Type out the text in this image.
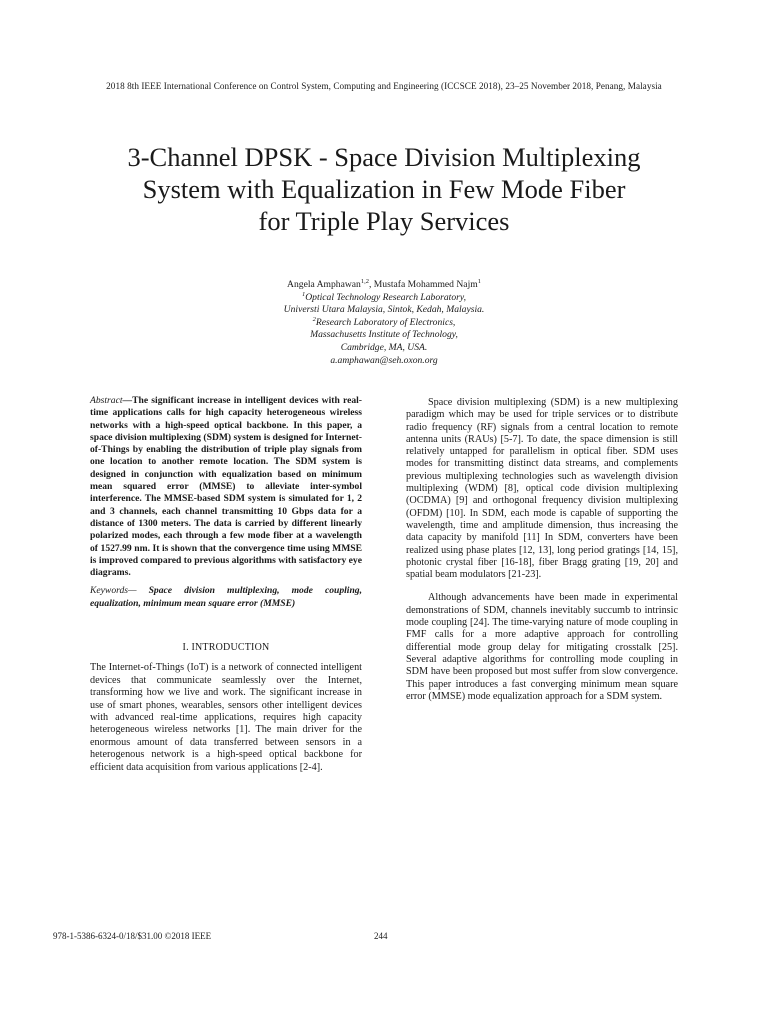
2018 8th IEEE International Conference on Control System, Computing and Engineering (ICCSCE 2018), 23–25 November 2018, Penang, Malaysia
3-Channel DPSK - Space Division Multiplexing
System with Equalization in Few Mode Fiber
for Triple Play Services
Angela Amphawan$^{1,2}$, Mustafa Mohammed Najm$^1$
$^1$Optical Technology Research Laboratory,
Universti Utara Malaysia, Sintok, Kedah, Malaysia.
$^2$Research Laboratory of Electronics,
Massachusetts Institute of Technology,
Cambridge, MA, USA.
a.amphawan@seh.oxon.org
Abstract—The significant increase in intelligent devices with real-time applications calls for high capacity heterogeneous wireless networks with a high-speed optical backbone. In this paper, a space division multiplexing (SDM) system is designed for Internet-of-Things by enabling the distribution of triple play signals from one location to another remote location. The SDM system is designed in conjunction with equalization based on minimum mean squared error (MMSE) to alleviate inter-symbol interference. The MMSE-based SDM system is simulated for 1, 2 and 3 channels, each channel transmitting 10 Gbps data for a distance of 1300 meters. The data is carried by different linearly polarized modes, each through a few mode fiber at a wavelength of 1527.99 nm. It is shown that the convergence time using MMSE is improved compared to previous algorithms with satisfactory eye diagrams.
Keywords— Space division multiplexing, mode coupling, equalization, minimum mean square error (MMSE)
I. INTRODUCTION
The Internet-of-Things (IoT) is a network of connected intelligent devices that communicate seamlessly over the Internet, transforming how we live and work. The significant increase in use of smart phones, wearables, sensors other intelligent devices with advanced real-time applications, requires high capacity heterogeneous wireless networks [1]. The main driver for the enormous amount of data transferred between sensors in a heterogenous network is a high-speed optical backbone for efficient data acquisition from various applications [2-4].

Space division multiplexing (SDM) is a new multiplexing paradigm which may be used for triple services or to distribute radio frequency (RF) signals from a central location to remote antenna units (RAUs) [5-7]. To date, the space dimension is still relatively untapped for parallelism in optical fiber. SDM uses modes for transmitting distinct data streams, and complements previous multiplexing technologies such as wavelength division multiplexing (WDM) [8], optical code division multiplexing (OCDMA) [9] and orthogonal frequency division multiplexing (OFDM) [10]. In SDM, each mode is capable of supporting the wavelength, time and amplitude dimension, thus increasing the data capacity by manifold [11] In SDM, converters have been realized using phase plates [12, 13], long period gratings [14, 15], photonic crystal fiber [16-18], fiber Bragg grating [19, 20] and spatial beam modulators [21-23].

Although advancements have been made in experimental demonstrations of SDM, channels inevitably succumb to intrinsic mode coupling [24]. The time-varying nature of mode coupling in FMF calls for a more adaptive approach for controlling differential mode group delay for mitigating crosstalk [25]. Several adaptive algorithms for controlling mode coupling in SDM have been proposed but most suffer from slow convergence. This paper introduces a fast converging minimum mean square error (MMSE) mode equalization approach for a SDM system.

978-1-5386-6324-0/18/$31.00 ©2018 IEEE	244
